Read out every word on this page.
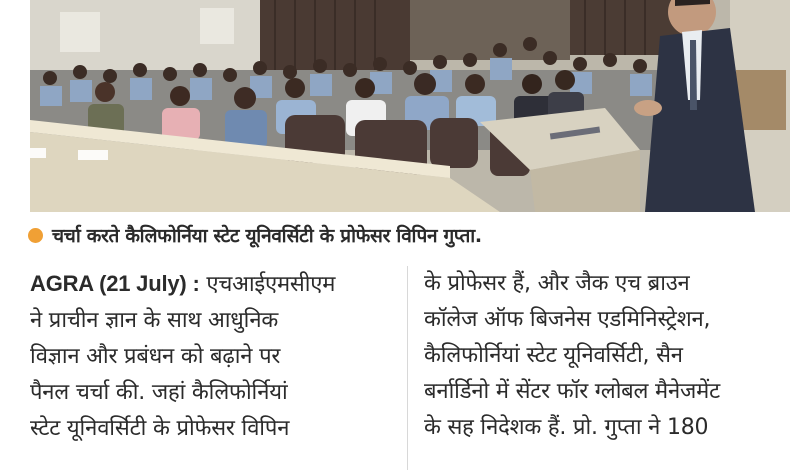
चर्चा करते कैलिफोर्निया स्टेट यूनिवर्सिटी के प्रोफेसर विपिन गुप्ता.
AGRA (21 July) : एचआईएमसीएम
ने प्राचीन ज्ञान के साथ आधुनिक
विज्ञान और प्रबंधन को बढ़ाने पर
पैनल चर्चा की. जहां कैलिफोर्नियां
स्टेट यूनिवर्सिटी के प्रोफेसर विपिन
के प्रोफेसर हैं, और जैक एच ब्राउन
कॉलेज ऑफ बिजनेस एडमिनिस्ट्रेशन,
कैलिफोर्नियां स्टेट यूनिवर्सिटी, सैन
बर्नार्डिनो में सेंटर फॉर ग्लोबल मैनेजमेंट
के सह निदेशक हैं. प्रो. गुप्ता ने 180
